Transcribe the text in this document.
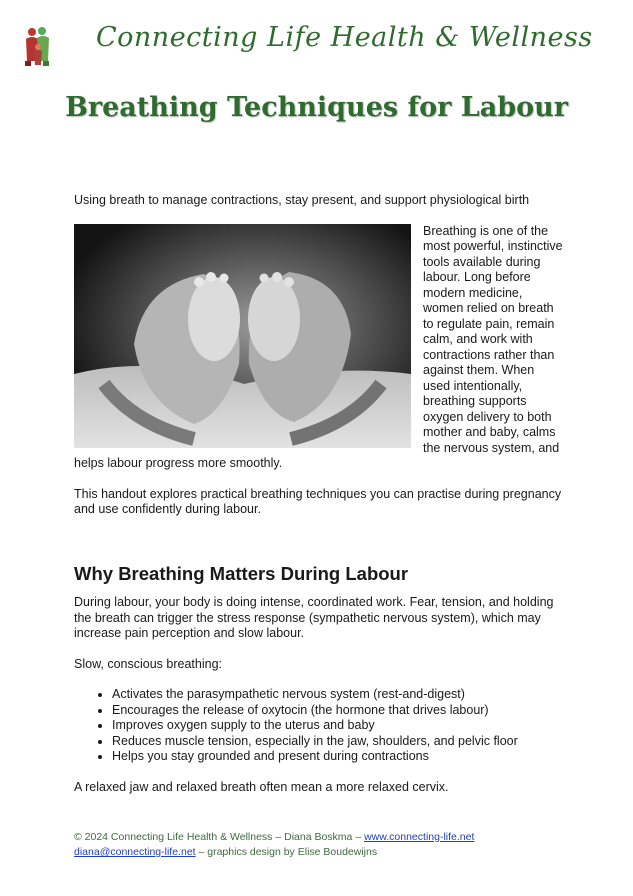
Connecting Life Health & Wellness
Breathing Techniques for Labour

Using breath to manage contractions, stay present, and support physiological birth

Breathing is one of the most powerful, instinctive tools available during labour. Long before modern medicine, women relied on breath to regulate pain, remain calm, and work with contractions rather than against them. When used intentionally, breathing supports oxygen delivery to both mother and baby, calms the nervous system, and helps labour progress more smoothly.

This handout explores practical breathing techniques you can practise during pregnancy and use confidently during labour.

Why Breathing Matters During Labour

During labour, your body is doing intense, coordinated work. Fear, tension, and holding the breath can trigger the stress response (sympathetic nervous system), which may increase pain perception and slow labour.

Slow, conscious breathing:

• Activates the parasympathetic nervous system (rest-and-digest)
• Encourages the release of oxytocin (the hormone that drives labour)
• Improves oxygen supply to the uterus and baby
• Reduces muscle tension, especially in the jaw, shoulders, and pelvic floor
• Helps you stay grounded and present during contractions

A relaxed jaw and relaxed breath often mean a more relaxed cervix.

© 2024 Connecting Life Health & Wellness – Diana Boskma – www.connecting-life.net
diana@connecting-life.net – graphics design by Elise Boudewijns
